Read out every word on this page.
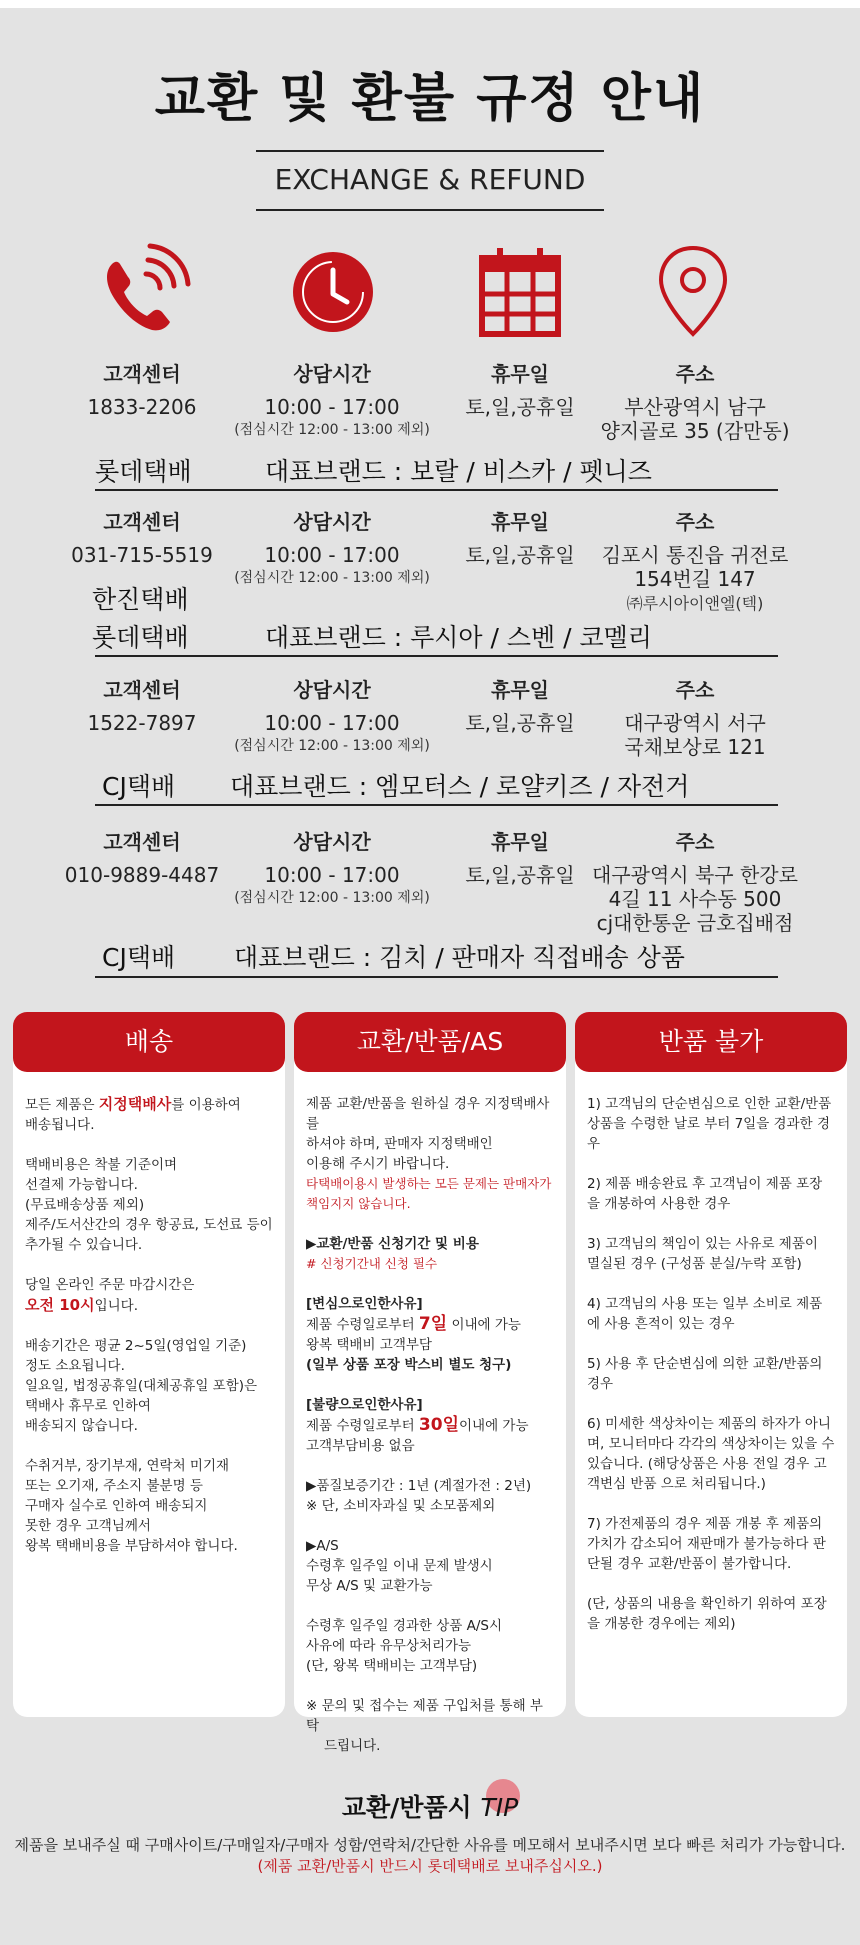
교환 및 환불 규정 안내
EXCHANGE & REFUND
고객센터
1833-2206
상담시간
10:00 - 17:00
(점심시간 12:00 - 13:00 제외)
휴무일
토,일,공휴일
주소
부산광역시 남구
양지골로 35 (감만동)
롯데택배	대표브랜드 : 보랄 / 비스카 / 펫니즈
고객센터
031-715-5519
상담시간
10:00 - 17:00
(점심시간 12:00 - 13:00 제외)
휴무일
토,일,공휴일
주소
김포시 통진읍 귀전로
154번길 147
㈜루시아이앤엘(텍)
한진택배
롯데택배	대표브랜드 : 루시아 / 스벤 / 코멜리
고객센터
1522-7897
상담시간
10:00 - 17:00
(점심시간 12:00 - 13:00 제외)
휴무일
토,일,공휴일
주소
대구광역시 서구
국채보상로 121
CJ택배 대표브랜드 : 엠모터스 / 로얄키즈 / 자전거
고객센터
010-9889-4487
상담시간
10:00 - 17:00
(점심시간 12:00 - 13:00 제외)
휴무일
토,일,공휴일
주소
대구광역시 북구 한강로
4길 11 사수동 500
cj대한통운 금호집배점
CJ택배 대표브랜드 : 김치 / 판매자 직접배송 상품
배송

모든 제품은 지정택배사를 이용하여
배송됩니다.

택배비용은 착불 기준이며
선결제 가능합니다.
(무료배송상품 제외)
제주/도서산간의 경우 항공료, 도선료 등이
추가될 수 있습니다.

당일 온라인 주문 마감시간은
오전 10시입니다.

배송기간은 평균 2~5일(영업일 기준)
정도 소요됩니다.
일요일, 법정공휴일(대체공휴일 포함)은
택배사 휴무로 인하여
배송되지 않습니다.

수취거부, 장기부재, 연락처 미기재
또는 오기재, 주소지 불분명 등
구매자 실수로 인하여 배송되지
못한 경우 고객님께서
왕복 택배비용을 부담하셔야 합니다.

교환/반품/AS

제품 교환/반품을 원하실 경우 지정택배사를
하셔야 하며, 판매자 지정택배인
이용해 주시기 바랍니다.
타택배이용시 발생하는 모든 문제는 판매자가
책임지지 않습니다.

▶교환/반품 신청기간 및 비용
# 신청기간내 신청 필수

[변심으로인한사유]
제품 수령일로부터 7일 이내에 가능
왕복 택배비 고객부담
(일부 상품 포장 박스비 별도 청구)

[불량으로인한사유]
제품 수령일로부터 30일이내에 가능
고객부담비용 없음

▶품질보증기간 : 1년 (계절가전 : 2년)
※ 단, 소비자과실 및 소모품제외

▶A/S
수령후 일주일 이내 문제 발생시
무상 A/S 및 교환가능

수령후 일주일 경과한 상품 A/S시
사유에 따라 유무상처리가능
(단, 왕복 택배비는 고객부담)

※ 문의 및 접수는 제품 구입처를 통해 부탁
드립니다.

반품 불가

1) 고객님의 단순변심으로 인한 교환/반품 상품을 수령한 날로 부터 7일을 경과한 경우

2) 제품 배송완료 후 고객님이 제품 포장을 개봉하여 사용한 경우

3) 고객님의 책임이 있는 사유로 제품이 멸실된 경우 (구성품 분실/누락 포함)

4) 고객님의 사용 또는 일부 소비로 제품에 사용 흔적이 있는 경우

5) 사용 후 단순변심에 의한 교환/반품의 경우

6) 미세한 색상차이는 제품의 하자가 아니며, 모니터마다 각각의 색상차이는 있을 수 있습니다. (해당상품은 사용 전일 경우 고객변심 반품 으로 처리됩니다.)

7) 가전제품의 경우 제품 개봉 후 제품의 가치가 감소되어 재판매가 불가능하다 판단될 경우 교환/반품이 불가합니다.

(단, 상품의 내용을 확인하기 위하여 포장을 개봉한 경우에는 제외)

교환/반품시 TIP
제품을 보내주실 때 구매사이트/구매일자/구매자 성함/연락처/간단한 사유를 메모해서 보내주시면 보다 빠른 처리가 가능합니다.
(제품 교환/반품시 반드시 롯데택배로 보내주십시오.)
